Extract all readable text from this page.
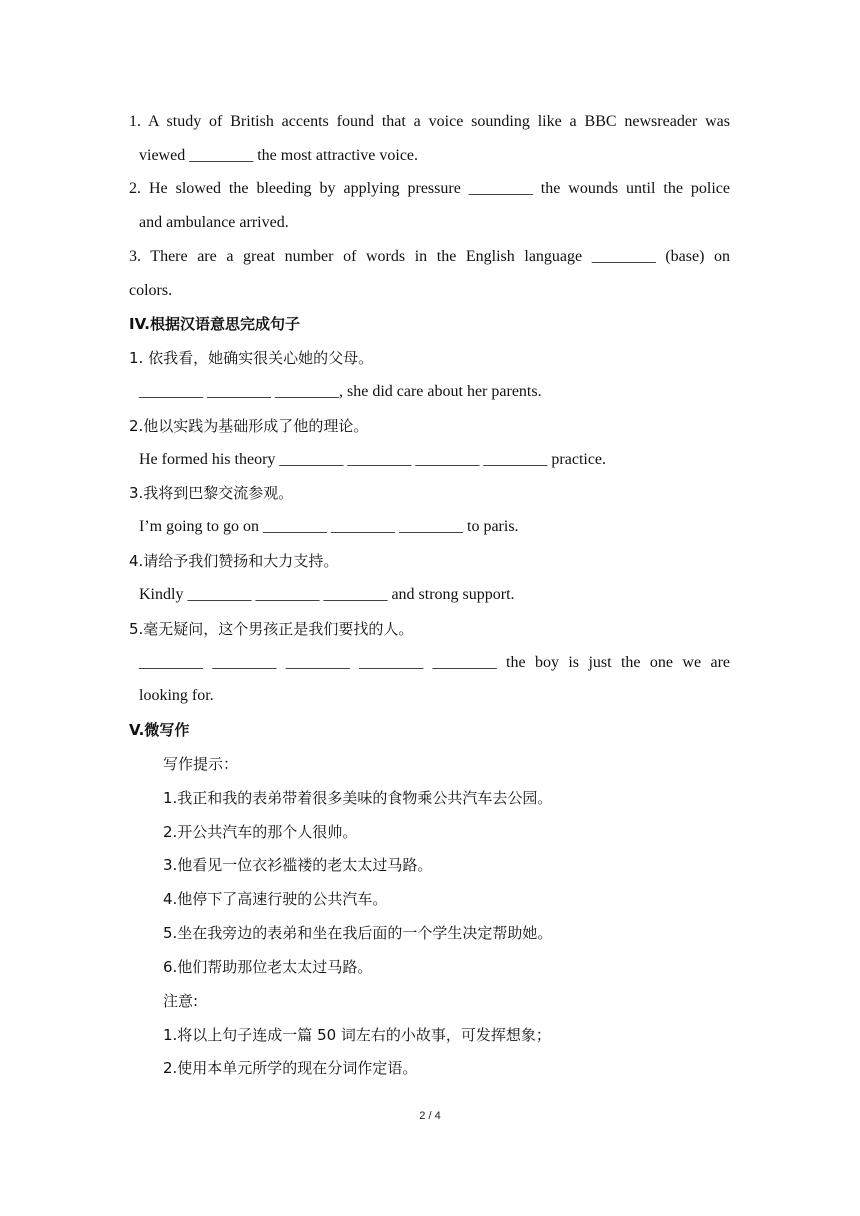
1. A study of British accents found that a voice sounding like a BBC newsreader was
viewed ________ the most attractive voice.
2. He slowed the bleeding by applying pressure ________ the wounds until the police
and ambulance arrived.
3. There are a great number of words in the English language ________ (base) on
colors.
IV.根据汉语意思完成句子
1. 依我看，她确实很关心她的父母。
________ ________ ________, she did care about her parents.
2.他以实践为基础形成了他的理论。
He formed his theory ________ ________ ________ ________ practice.
3.我将到巴黎交流参观。
I’m going to go on ________ ________ ________ to paris.
4.请给予我们赞扬和大力支持。
Kindly ________ ________ ________ and strong support.
5.毫无疑问，这个男孩正是我们要找的人。
________ ________ ________ ________ ________ the boy is just the one we are
looking for.
V.微写作
写作提示：
1.我正和我的表弟带着很多美味的食物乘公共汽车去公园。
2.开公共汽车的那个人很帅。
3.他看见一位衣衫褴褛的老太太过马路。
4.他停下了高速行驶的公共汽车。
5.坐在我旁边的表弟和坐在我后面的一个学生决定帮助她。
6.他们帮助那位老太太过马路。
注意:
1.将以上句子连成一篇 50 词左右的小故事，可发挥想象；
2.使用本单元所学的现在分词作定语。
2 / 4
